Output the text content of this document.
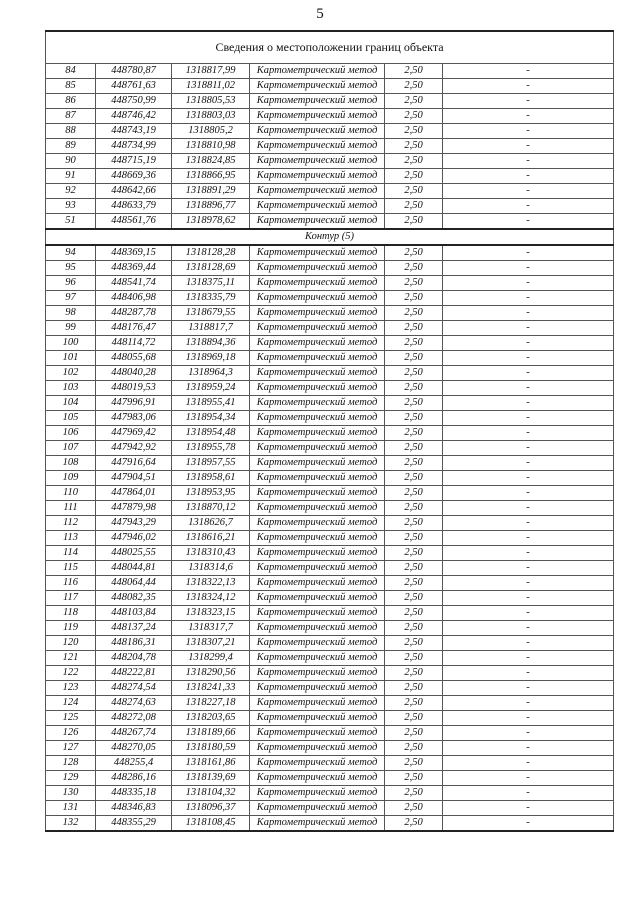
5
Сведения о местоположении границ объекта					
84	448780,87	1318817,99	Картометрический метод	2,50	-
85	448761,63	1318811,02	Картометрический метод	2,50	-
86	448750,99	1318805,53	Картометрический метод	2,50	-
87	448746,42	1318803,03	Картометрический метод	2,50	-
88	448743,19	1318805,2	Картометрический метод	2,50	-
89	448734,99	1318810,98	Картометрический метод	2,50	-
90	448715,19	1318824,85	Картометрический метод	2,50	-
91	448669,36	1318866,95	Картометрический метод	2,50	-
92	448642,66	1318891,29	Картометрический метод	2,50	-
93	448633,79	1318896,77	Картометрический метод	2,50	-
51	448561,76	1318978,62	Картометрический метод	2,50	-
Контур (5)					
94	448369,15	1318128,28	Картометрический метод	2,50	-
95	448369,44	1318128,69	Картометрический метод	2,50	-
96	448541,74	1318375,11	Картометрический метод	2,50	-
97	448406,98	1318335,79	Картометрический метод	2,50	-
98	448287,78	1318679,55	Картометрический метод	2,50	-
99	448176,47	1318817,7	Картометрический метод	2,50	-
100	448114,72	1318894,36	Картометрический метод	2,50	-
101	448055,68	1318969,18	Картометрический метод	2,50	-
102	448040,28	1318964,3	Картометрический метод	2,50	-
103	448019,53	1318959,24	Картометрический метод	2,50	-
104	447996,91	1318955,41	Картометрический метод	2,50	-
105	447983,06	1318954,34	Картометрический метод	2,50	-
106	447969,42	1318954,48	Картометрический метод	2,50	-
107	447942,92	1318955,78	Картометрический метод	2,50	-
108	447916,64	1318957,55	Картометрический метод	2,50	-
109	447904,51	1318958,61	Картометрический метод	2,50	-
110	447864,01	1318953,95	Картометрический метод	2,50	-
111	447879,98	1318870,12	Картометрический метод	2,50	-
112	447943,29	1318626,7	Картометрический метод	2,50	-
113	447946,02	1318616,21	Картометрический метод	2,50	-
114	448025,55	1318310,43	Картометрический метод	2,50	-
115	448044,81	1318314,6	Картометрический метод	2,50	-
116	448064,44	1318322,13	Картометрический метод	2,50	-
117	448082,35	1318324,12	Картометрический метод	2,50	-
118	448103,84	1318323,15	Картометрический метод	2,50	-
119	448137,24	1318317,7	Картометрический метод	2,50	-
120	448186,31	1318307,21	Картометрический метод	2,50	-
121	448204,78	1318299,4	Картометрический метод	2,50	-
122	448222,81	1318290,56	Картометрический метод	2,50	-
123	448274,54	1318241,33	Картометрический метод	2,50	-
124	448274,63	1318227,18	Картометрический метод	2,50	-
125	448272,08	1318203,65	Картометрический метод	2,50	-
126	448267,74	1318189,66	Картометрический метод	2,50	-
127	448270,05	1318180,59	Картометрический метод	2,50	-
128	448255,4	1318161,86	Картометрический метод	2,50	-
129	448286,16	1318139,69	Картометрический метод	2,50	-
130	448335,18	1318104,32	Картометрический метод	2,50	-
131	448346,83	1318096,37	Картометрический метод	2,50	-
132	448355,29	1318108,45	Картометрический метод	2,50	-
